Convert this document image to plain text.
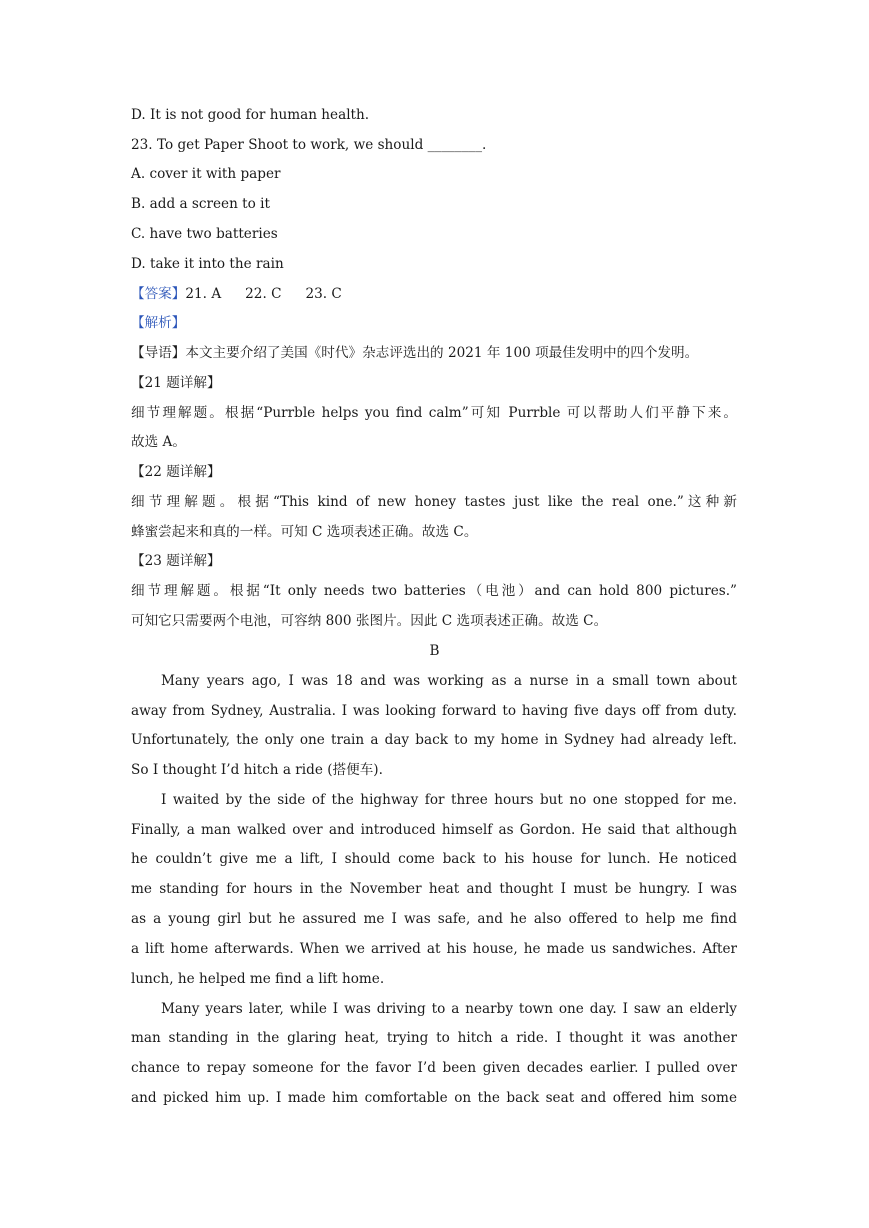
D. It is not good for human health.
23. To get Paper Shoot to work, we should ________.
A. cover it with paper
B. add a screen to it
C. have two batteries
D. take it into the rain
【答案】21. A 22. C 23. C
【解析】
【导语】本文主要介绍了美国《时代》杂志评选出的 2021 年 100 项最佳发明中的四个发明。
【21 题详解】
细节理解题。根据“Purrble helps you find calm”可知 Purrble 可以帮助人们平静下来。
故选 A。
【22 题详解】
细节理解题。根据“This kind of new honey tastes just like the real one.”这种新
蜂蜜尝起来和真的一样。可知 C 选项表述正确。故选 C。
【23 题详解】
细节理解题。根据“It only needs two batteries（电池）and can hold 800 pictures.”
可知它只需要两个电池，可容纳 800 张图片。因此 C 选项表述正确。故选 C。
B
Many years ago, I was 18 and was working as a nurse in a small town about
away from Sydney, Australia. I was looking forward to having five days off from duty.
Unfortunately, the only one train a day back to my home in Sydney had already left.
So I thought I’d hitch a ride (搭便车).
I waited by the side of the highway for three hours but no one stopped for me.
Finally, a man walked over and introduced himself as Gordon. He said that although
he couldn’t give me a lift, I should come back to his house for lunch. He noticed
me standing for hours in the November heat and thought I must be hungry. I was
as a young girl but he assured me I was safe, and he also offered to help me find
a lift home afterwards. When we arrived at his house, he made us sandwiches. After
lunch, he helped me find a lift home.
Many years later, while I was driving to a nearby town one day. I saw an elderly
man standing in the glaring heat, trying to hitch a ride. I thought it was another
chance to repay someone for the favor I’d been given decades earlier. I pulled over
and picked him up. I made him comfortable on the back seat and offered him some
